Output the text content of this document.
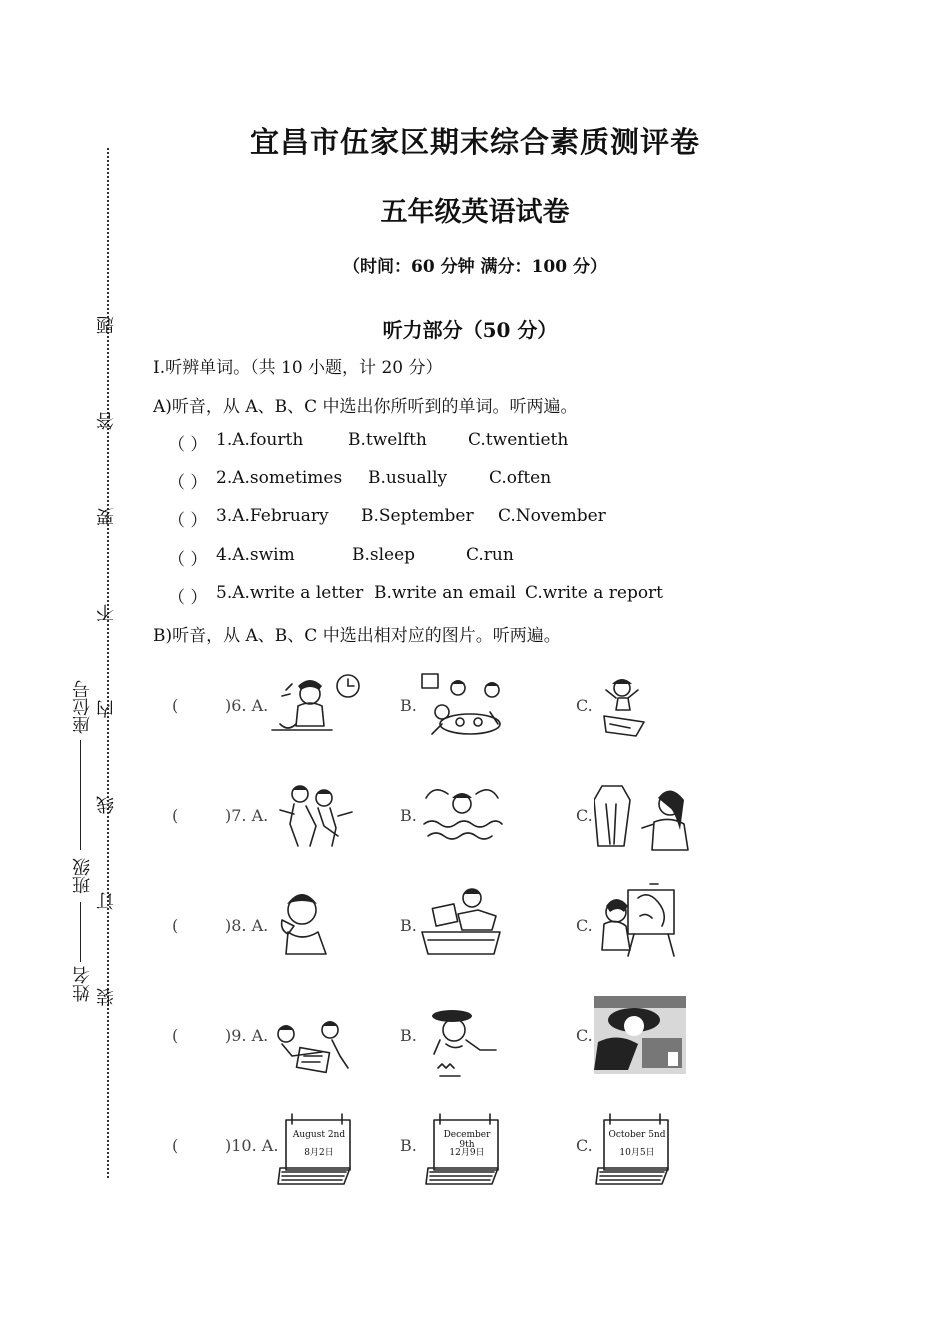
宜昌市伍家区期末综合素质测评卷
五年级英语试卷
（时间：60 分钟 满分：100 分）
听力部分（50 分）
I.听辨单词。（共 10 小题，计 20 分）
A)听音，从 A、B、C 中选出你所听到的单词。听两遍。
（ ） 1.A.fourth	B.twelfth C.twentieth
（ ） 2.A.sometimes B.usually C.often
（ ） 3.A.February B.September C.November
（ ） 4.A.swim	B.sleep	C.run
（ ） 5.A.write a letter B.write an email C.write a report
B)听音，从 A、B、C 中选出相对应的图片。听两遍。
(	)6. A.	B.	C.
(	)7. A.	B.	C.
(	)8. A.	B.	C.
(	)9. A.	B.	C.
(	)10. A.	B.	C.
August 2nd
8月2日
December 9th
12月9日
October 5nd
10月5日
题
答
要
不
内
线
订
装
座位号
班级
姓名
